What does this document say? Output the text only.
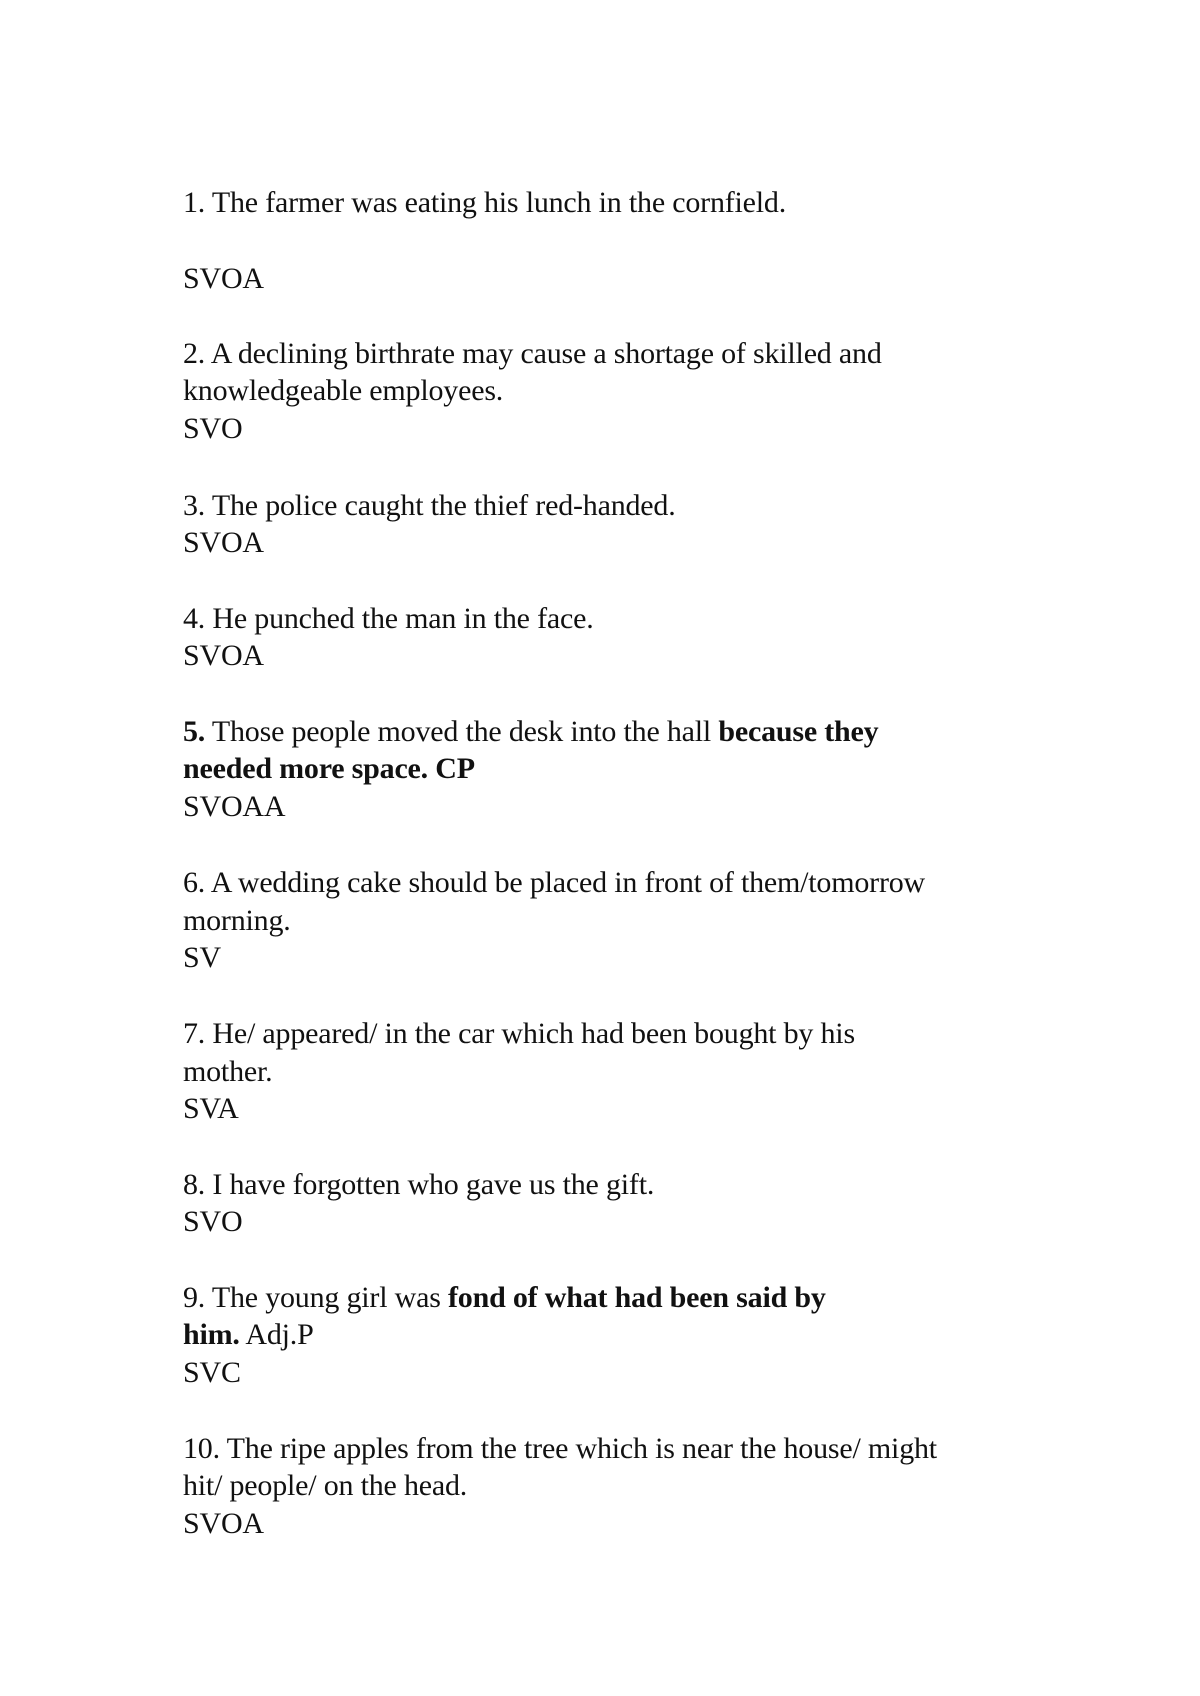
1. The farmer was eating his lunch in the cornfield.
SVOA
2. A declining birthrate may cause a shortage of skilled and
knowledgeable employees.
SVO
3. The police caught the thief red-handed.
SVOA
4. He punched the man in the face.
SVOA
5. Those people moved the desk into the hall because they
needed more space. CP
SVOAA
6. A wedding cake should be placed in front of them/tomorrow
morning.
SV
7. He/ appeared/ in the car which had been bought by his
mother.
SVA
8. I have forgotten who gave us the gift.
SVO
9. The young girl was fond of what had been said by
him. Adj.P
SVC
10. The ripe apples from the tree which is near the house/ might
hit/ people/ on the head.
SVOA
